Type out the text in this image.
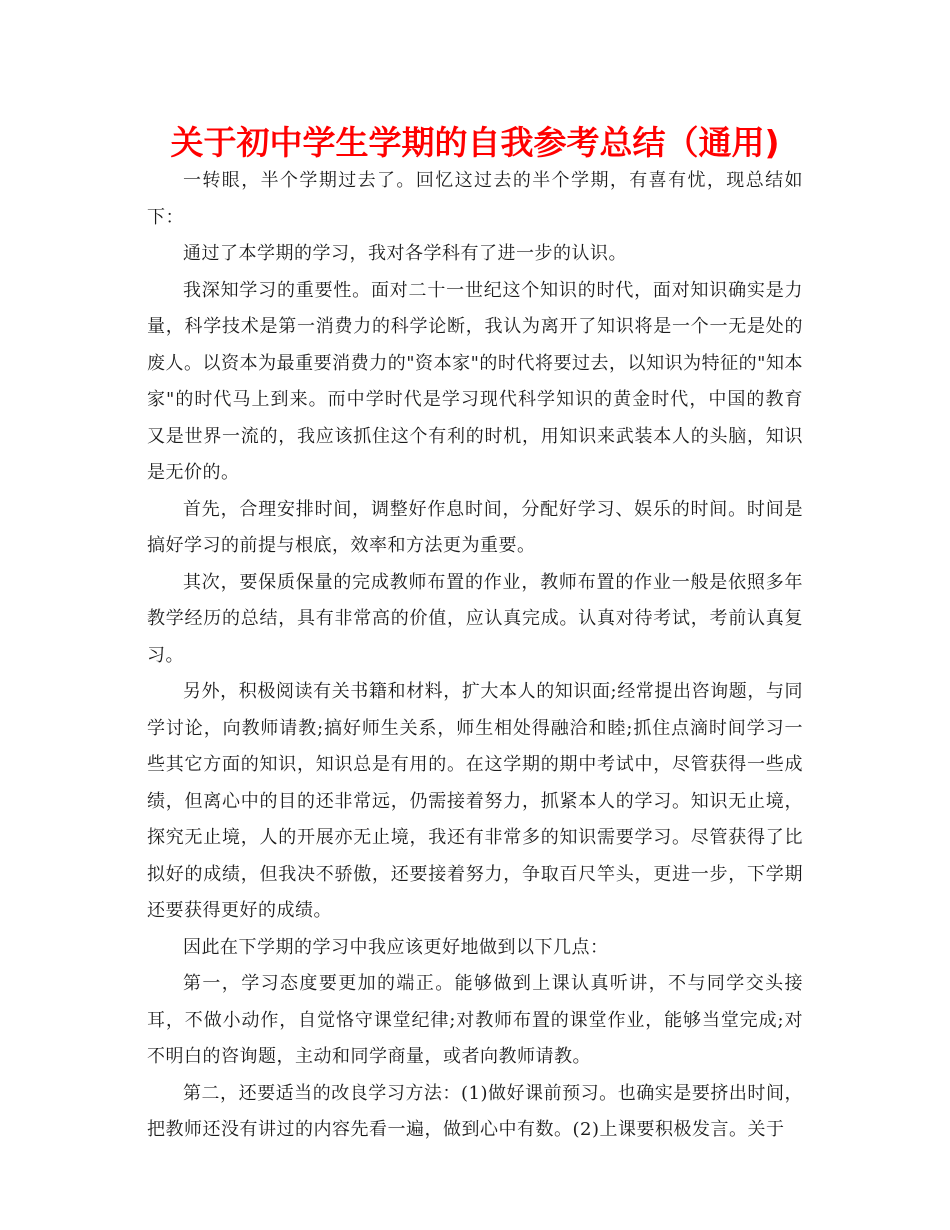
关于初中学生学期的自我参考总结（通用)

一转眼，半个学期过去了。回忆这过去的半个学期，有喜有忧，现总结如下：

通过了本学期的学习，我对各学科有了进一步的认识。

我深知学习的重要性。面对二十一世纪这个知识的时代，面对知识确实是力量，科学技术是第一消费力的科学论断，我认为离开了知识将是一个一无是处的废人。以资本为最重要消费力的"资本家"的时代将要过去，以知识为特征的"知本家"的时代马上到来。而中学时代是学习现代科学知识的黄金时代，中国的教育又是世界一流的，我应该抓住这个有利的时机，用知识来武装本人的头脑，知识是无价的。

首先，合理安排时间，调整好作息时间，分配好学习、娱乐的时间。时间是搞好学习的前提与根底，效率和方法更为重要。

其次，要保质保量的完成教师布置的作业，教师布置的作业一般是依照多年教学经历的总结，具有非常高的价值，应认真完成。认真对待考试，考前认真复习。

另外，积极阅读有关书籍和材料，扩大本人的知识面;经常提出咨询题，与同学讨论，向教师请教;搞好师生关系，师生相处得融洽和睦;抓住点滴时间学习一些其它方面的知识，知识总是有用的。在这学期的期中考试中，尽管获得一些成绩，但离心中的目的还非常远，仍需接着努力，抓紧本人的学习。知识无止境，探究无止境，人的开展亦无止境，我还有非常多的知识需要学习。尽管获得了比拟好的成绩，但我决不骄傲，还要接着努力，争取百尺竿头，更进一步，下学期还要获得更好的成绩。

因此在下学期的学习中我应该更好地做到以下几点：

第一，学习态度要更加的端正。能够做到上课认真听讲，不与同学交头接耳，不做小动作，自觉恪守课堂纪律;对教师布置的课堂作业，能够当堂完成;对不明白的咨询题，主动和同学商量，或者向教师请教。

第二，还要适当的改良学习方法：(1)做好课前预习。也确实是要挤出时间，把教师还没有讲过的内容先看一遍，做到心中有数。(2)上课要积极发言。关于
